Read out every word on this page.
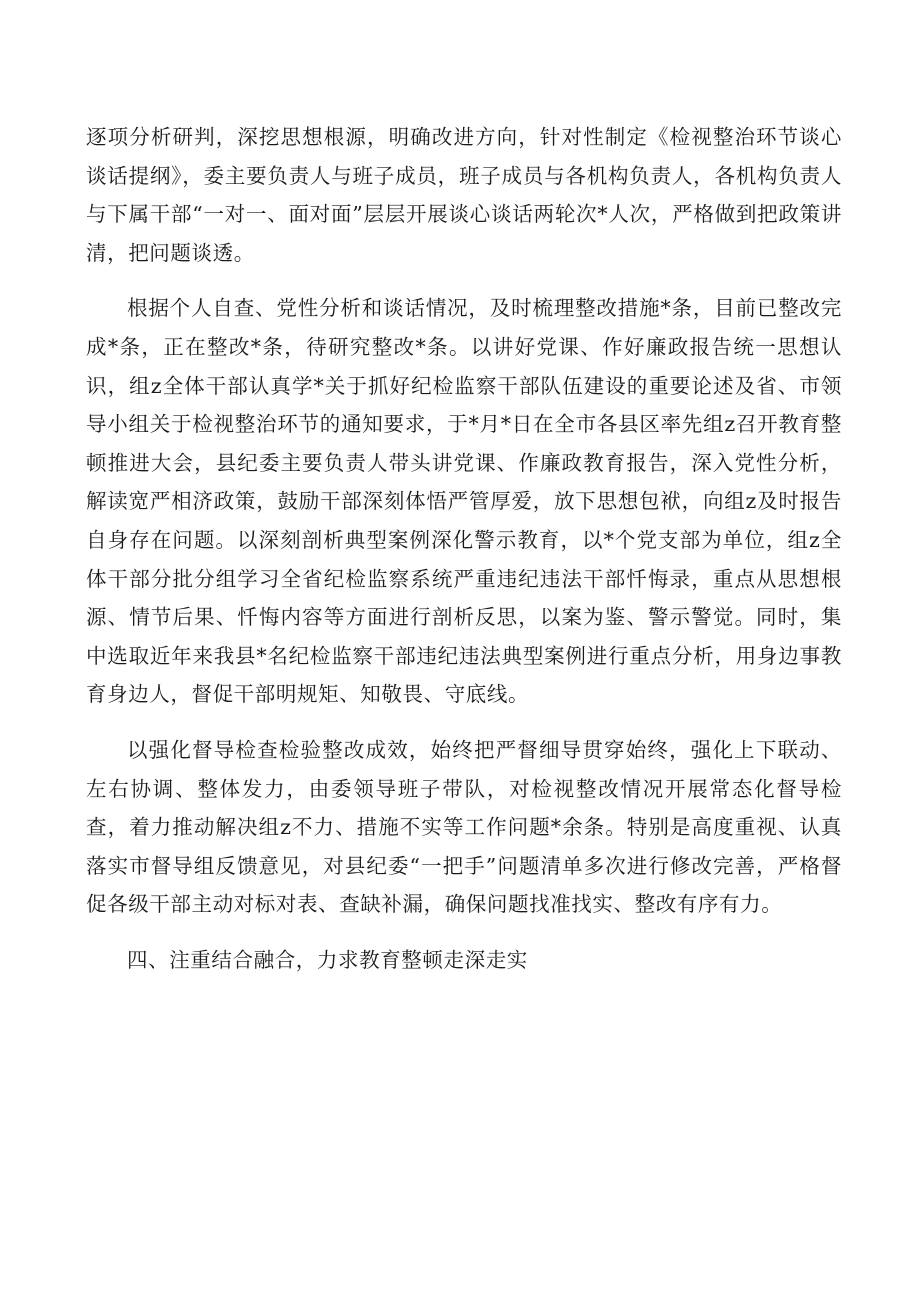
逐项分析研判，深挖思想根源，明确改进方向，针对性制定《检视整治环节谈心谈话提纲》，委主要负责人与班子成员，班子成员与各机构负责人，各机构负责人与下属干部“一对一、面对面”层层开展谈心谈话两轮次*人次，严格做到把政策讲清，把问题谈透。

根据个人自查、党性分析和谈话情况，及时梳理整改措施*条，目前已整改完成*条，正在整改*条，待研究整改*条。以讲好党课、作好廉政报告统一思想认识，组z全体干部认真学*关于抓好纪检监察干部队伍建设的重要论述及省、市领导小组关于检视整治环节的通知要求，于*月*日在全市各县区率先组z召开教育整顿推进大会，县纪委主要负责人带头讲党课、作廉政教育报告，深入党性分析，解读宽严相济政策，鼓励干部深刻体悟严管厚爱，放下思想包袱，向组z及时报告自身存在问题。以深刻剖析典型案例深化警示教育，以*个党支部为单位，组z全体干部分批分组学习全省纪检监察系统严重违纪违法干部忏悔录，重点从思想根源、情节后果、忏悔内容等方面进行剖析反思，以案为鉴、警示警觉。同时，集中选取近年来我县*名纪检监察干部违纪违法典型案例进行重点分析，用身边事教育身边人，督促干部明规矩、知敬畏、守底线。

以强化督导检查检验整改成效，始终把严督细导贯穿始终，强化上下联动、左右协调、整体发力，由委领导班子带队，对检视整改情况开展常态化督导检查，着力推动解决组z不力、措施不实等工作问题*余条。特别是高度重视、认真落实市督导组反馈意见，对县纪委“一把手”问题清单多次进行修改完善，严格督促各级干部主动对标对表、查缺补漏，确保问题找准找实、整改有序有力。

四、注重结合融合，力求教育整顿走深走实
